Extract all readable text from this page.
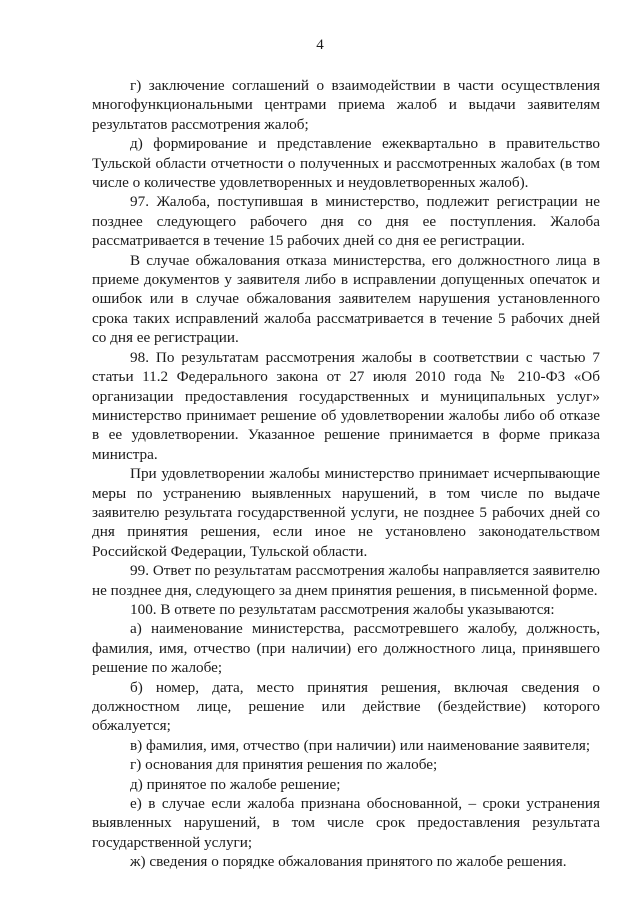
4

г) заключение соглашений о взаимодействии в части осуществления многофункциональными центрами приема жалоб и выдачи заявителям результатов рассмотрения жалоб;

д) формирование и представление ежеквартально в правительство Тульской области отчетности о полученных и рассмотренных жалобах (в том числе о количестве удовлетворенных и неудовлетворенных жалоб).

97. Жалоба, поступившая в министерство, подлежит регистрации не позднее следующего рабочего дня со дня ее поступления. Жалоба рассматривается в течение 15 рабочих дней со дня ее регистрации.

В случае обжалования отказа министерства, его должностного лица в приеме документов у заявителя либо в исправлении допущенных опечаток и ошибок или в случае обжалования заявителем нарушения установленного срока таких исправлений жалоба рассматривается в течение 5 рабочих дней со дня ее регистрации.

98. По результатам рассмотрения жалобы в соответствии с частью 7 статьи 11.2 Федерального закона от 27 июля 2010 года № 210-ФЗ «Об организации предоставления государственных и муниципальных услуг» министерство принимает решение об удовлетворении жалобы либо об отказе в ее удовлетворении. Указанное решение принимается в форме приказа министра.

При удовлетворении жалобы министерство принимает исчерпывающие меры по устранению выявленных нарушений, в том числе по выдаче заявителю результата государственной услуги, не позднее 5 рабочих дней со дня принятия решения, если иное не установлено законодательством Российской Федерации, Тульской области.

99. Ответ по результатам рассмотрения жалобы направляется заявителю не позднее дня, следующего за днем принятия решения, в письменной форме.

100. В ответе по результатам рассмотрения жалобы указываются:

а) наименование министерства, рассмотревшего жалобу, должность, фамилия, имя, отчество (при наличии) его должностного лица, принявшего решение по жалобе;

б) номер, дата, место принятия решения, включая сведения о должностном лице, решение или действие (бездействие) которого обжалуется;

в) фамилия, имя, отчество (при наличии) или наименование заявителя;

г) основания для принятия решения по жалобе;

д) принятое по жалобе решение;

е) в случае если жалоба признана обоснованной, – сроки устранения выявленных нарушений, в том числе срок предоставления результата государственной услуги;

ж) сведения о порядке обжалования принятого по жалобе решения.
